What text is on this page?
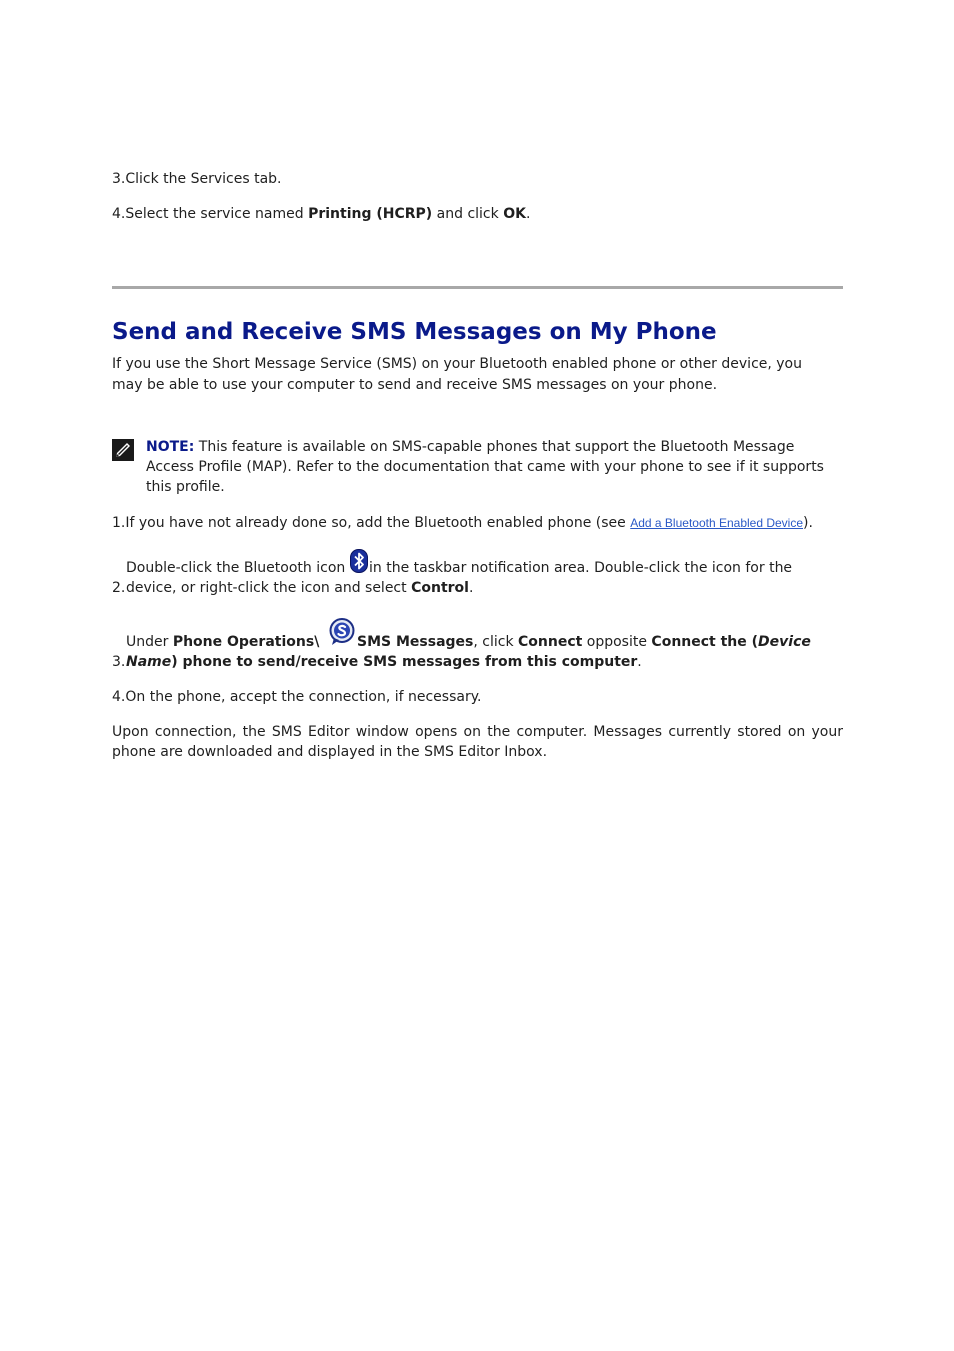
3.Click the Services tab.
4.Select the service named Printing (HCRP) and click OK.
Send and Receive SMS Messages on My Phone
If you use the Short Message Service (SMS) on your Bluetooth enabled phone or other device, you
may be able to use your computer to send and receive SMS messages on your phone.
NOTE: This feature is available on SMS-capable phones that support the Bluetooth Message
Access Profile (MAP). Refer to the documentation that came with your phone to see if it supports
this profile.
1.If you have not already done so, add the Bluetooth enabled phone (see Add a Bluetooth Enabled Device).
2.
Double-click the Bluetooth icon in the taskbar notification area. Double-click the icon for the
device, or right-click the icon and select Control.
3.
Under Phone Operations\	SMS Messages, click Connect opposite Connect the (Device
Name) phone to send/receive SMS messages from this computer.
4.On the phone, accept the connection, if necessary.
Upon connection, the SMS Editor window opens on the computer. Messages currently stored on your
phone are downloaded and displayed in the SMS Editor Inbox.
